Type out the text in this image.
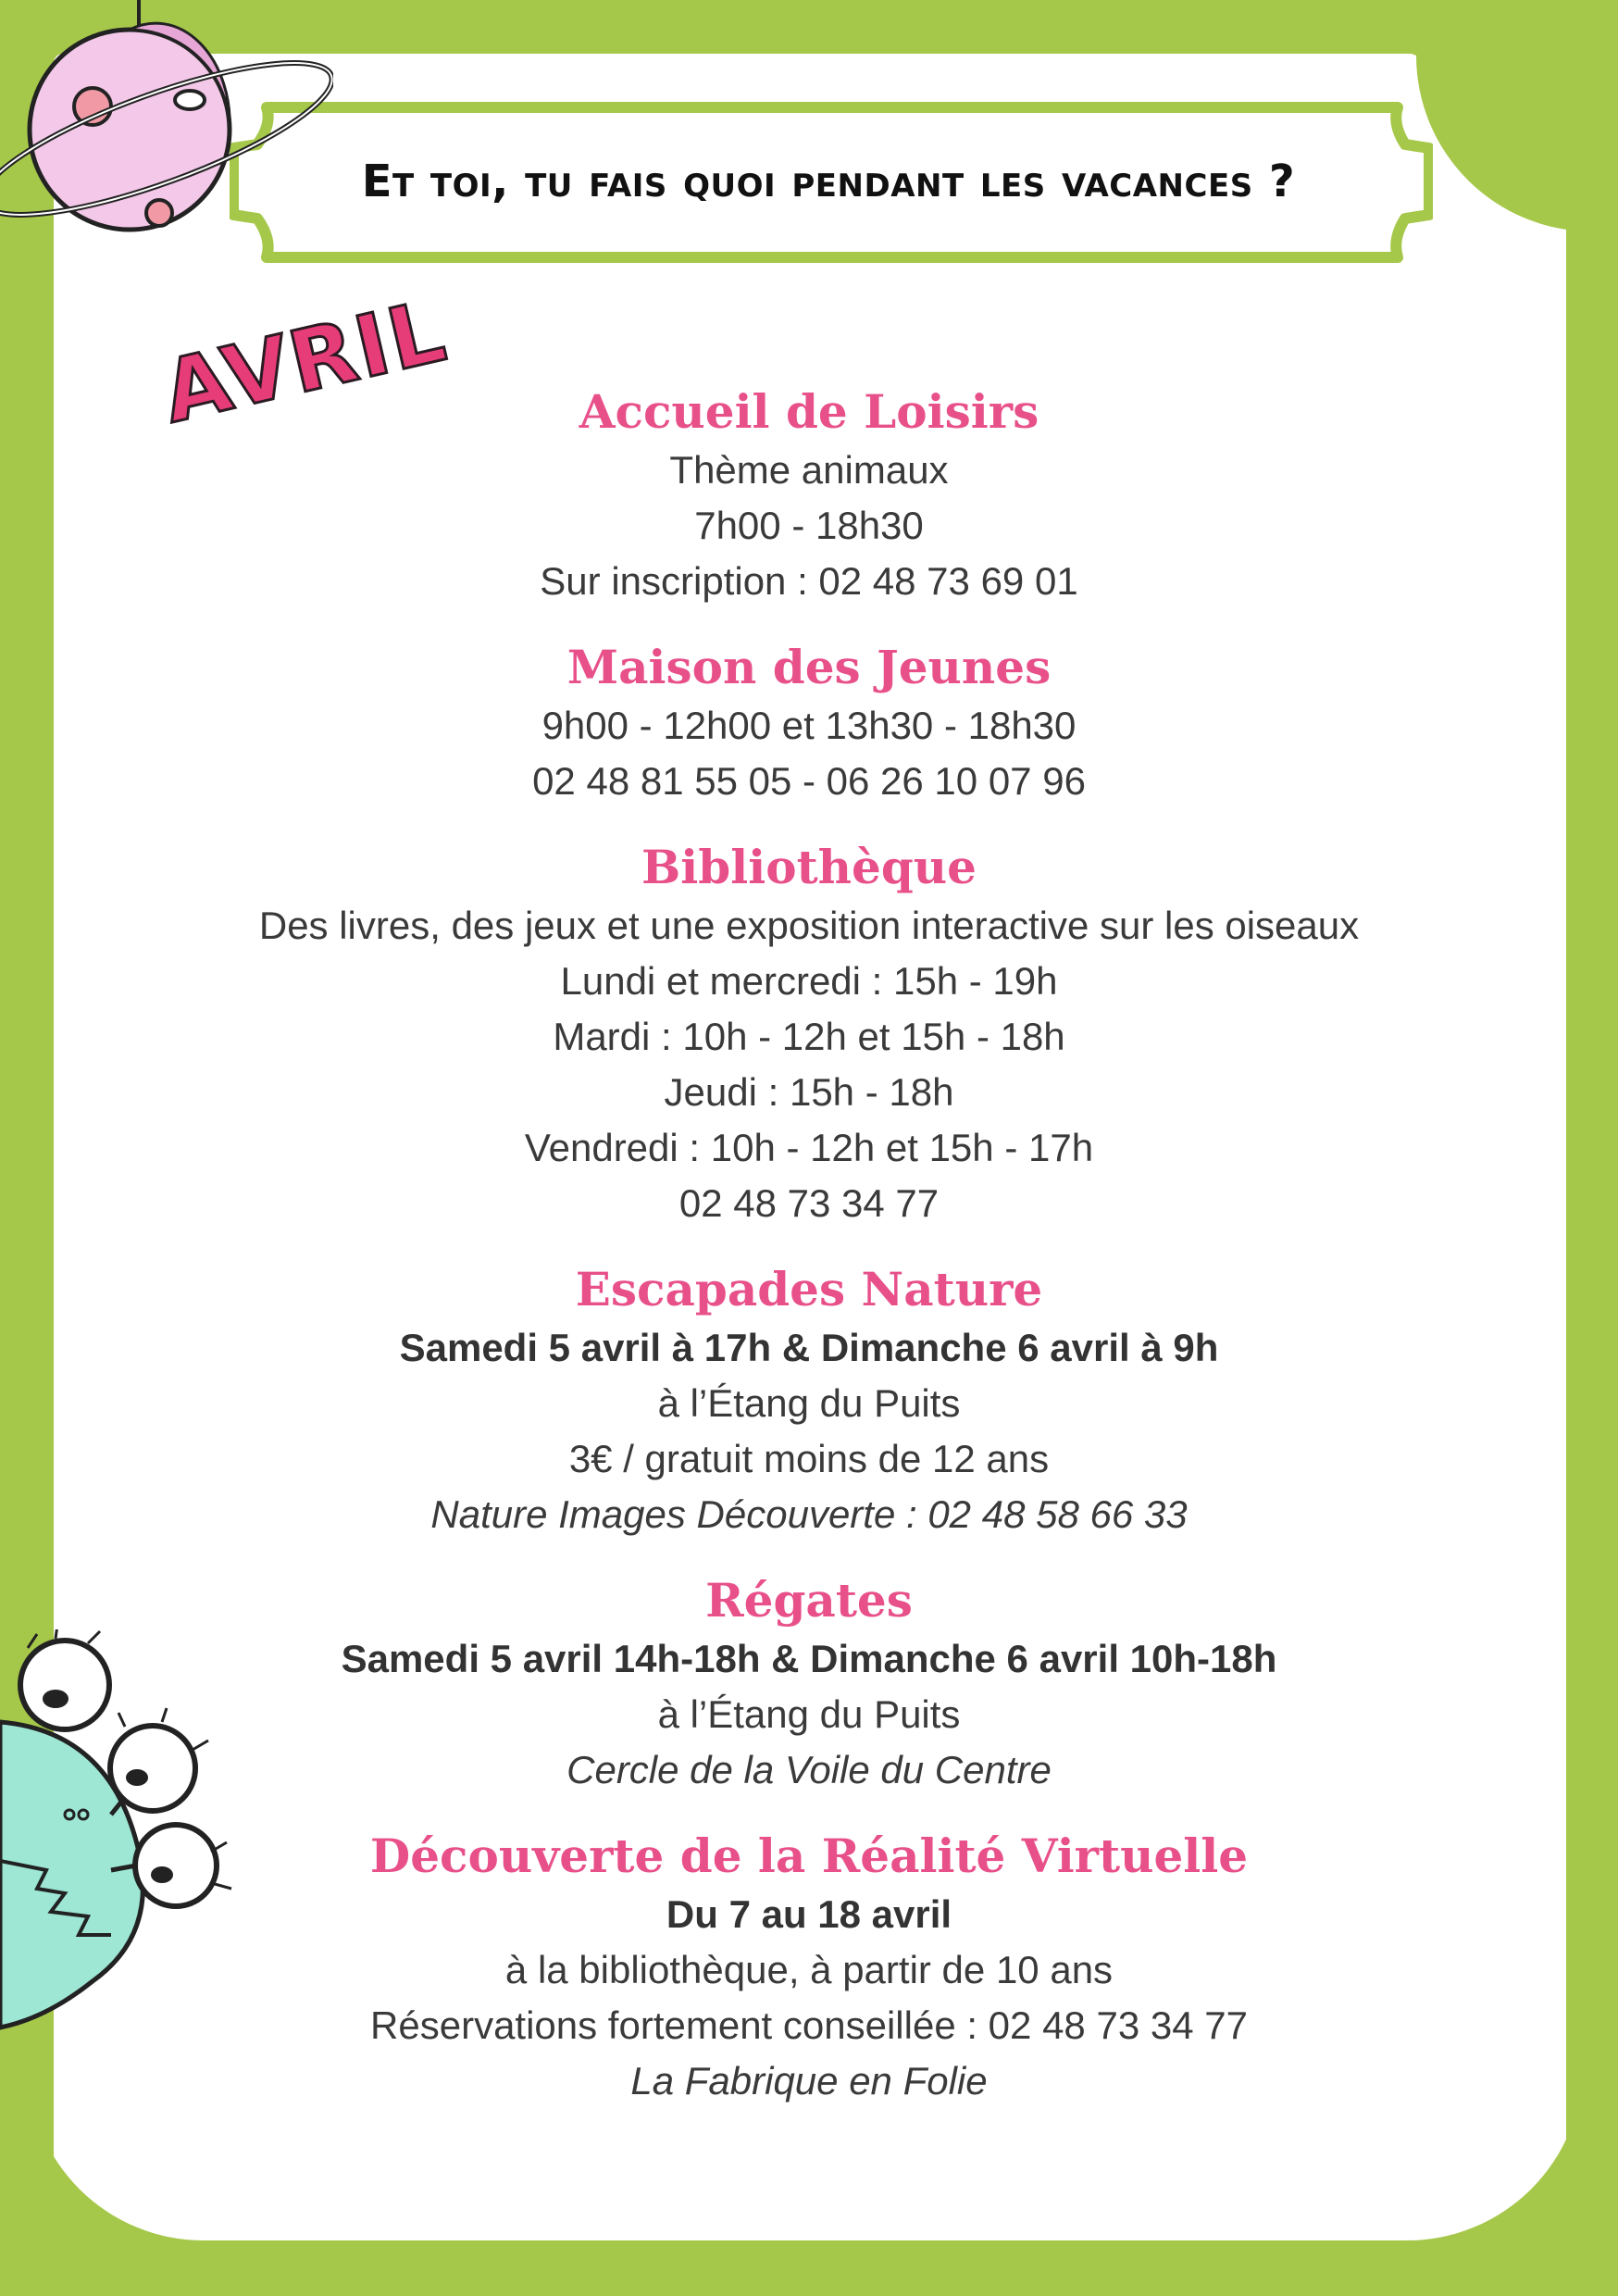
Et toi, tu fais quoi pendant les vacances ?
AVRIL	Accueil de Loisirs
Thème animaux
7h00 - 18h30
Sur inscription : 02 48 73 69 01
Maison des Jeunes
9h00 - 12h00 et 13h30 - 18h30
02 48 81 55 05 - 06 26 10 07 96
Bibliothèque
Des livres, des jeux et une exposition interactive sur les oiseaux
Lundi et mercredi : 15h - 19h
Mardi : 10h - 12h et 15h - 18h
Jeudi : 15h - 18h
Vendredi : 10h - 12h et 15h - 17h
02 48 73 34 77
Escapades Nature
Samedi 5 avril à 17h & Dimanche 6 avril à 9h
à l’Étang du Puits
3€ / gratuit moins de 12 ans
Nature Images Découverte : 02 48 58 66 33
Régates
Samedi 5 avril 14h-18h & Dimanche 6 avril 10h-18h
à l’Étang du Puits
Cercle de la Voile du Centre
Découverte de la Réalité Virtuelle
Du 7 au 18 avril
à la bibliothèque, à partir de 10 ans
Réservations fortement conseillée : 02 48 73 34 77
La Fabrique en Folie
